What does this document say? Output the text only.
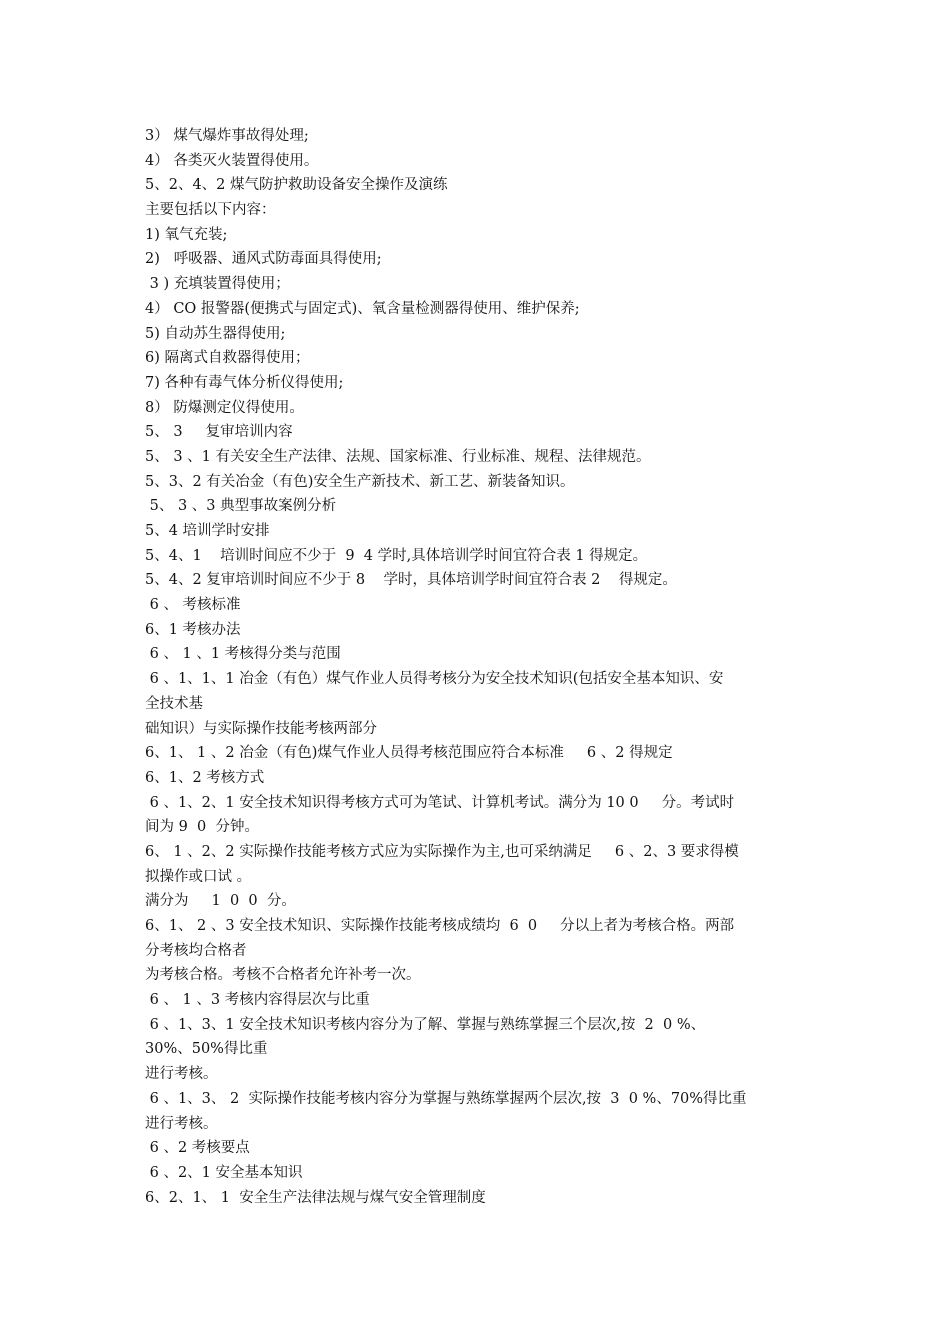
3） 煤气爆炸事故得处理;
4） 各类灭火装置得使用。
5、2、4、2 煤气防护救助设备安全操作及演练
主要包括以下内容：
1) 氧气充装;
2)   呼吸器、通风式防毒面具得使用;
3 ) 充填装置得使用；
4） CO 报警器(便携式与固定式)、氧含量检测器得使用、维护保养;
5) 自动苏生器得使用;
6) 隔离式自救器得使用；
7) 各种有毒气体分析仪得使用;
8） 防爆测定仪得使用。
5、 3     复审培训内容
5、 3 、1 有关安全生产法律、法规、国家标准、行业标准、规程、法律规范。
5、3、2 有关冶金（有色)安全生产新技术、新工艺、新装备知识。
5、 3 、3 典型事故案例分析
5、4 培训学时安排
5、4、1    培训时间应不少于  9  4 学时,具体培训学时间宜符合表 1 得规定。
5、4、2 复审培训时间应不少于 8    学时，具体培训学时间宜符合表 2    得规定。
6 、 考核标准
6、1 考核办法
6 、 1 、1 考核得分类与范围
6 、1、1、1 冶金（有色）煤气作业人员得考核分为安全技术知识(包括安全基本知识、安
全技术基
础知识）与实际操作技能考核两部分
6、1、 1 、2 冶金（有色)煤气作业人员得考核范围应符合本标准     6 、2 得规定
6、1、2 考核方式
6 、1、2、1 安全技术知识得考核方式可为笔试、计算机考试。满分为 10 0     分。考试时
间为 9  0  分钟。
6、 1 、2、2 实际操作技能考核方式应为实际操作为主,也可采纳满足     6 、2、3 要求得模
拟操作或口试 。
满分为     1  0  0  分。
6、1、 2 、3 安全技术知识、实际操作技能考核成绩均  6  0     分以上者为考核合格。两部
分考核均合格者
为考核合格。考核不合格者允许补考一次。
6 、 1 、3 考核内容得层次与比重
6 、1、3、1 安全技术知识考核内容分为了解、掌握与熟练掌握三个层次,按  2  0 %、
30%、50%得比重
进行考核。
6 、1、3、 2  实际操作技能考核内容分为掌握与熟练掌握两个层次,按  3  0 %、70%得比重
进行考核。
6 、2 考核要点
6 、2、1 安全基本知识
6、2、1、 1  安全生产法律法规与煤气安全管理制度
